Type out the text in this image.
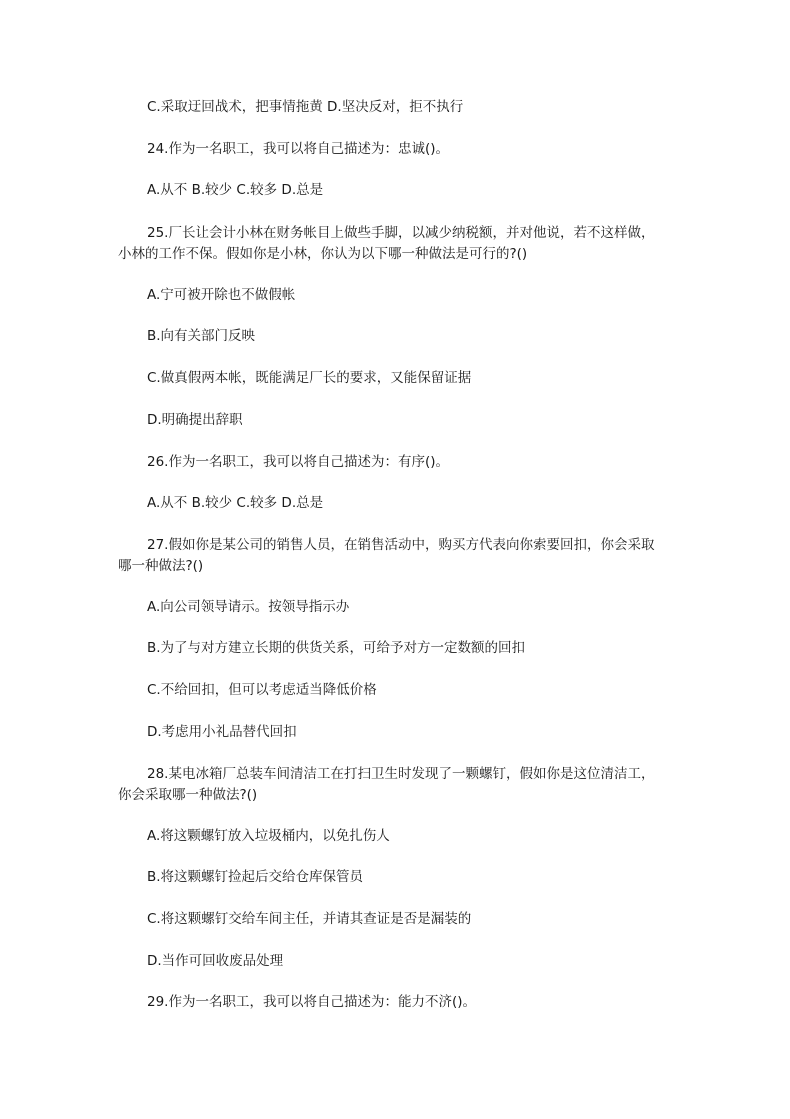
C.采取迂回战术，把事情拖黄 D.坚决反对，拒不执行
24.作为一名职工，我可以将自己描述为：忠诚()。
A.从不 B.较少 C.较多 D.总是
25.厂长让会计小林在财务帐目上做些手脚，以减少纳税额，并对他说，若不这样做，小林的工作不保。假如你是小林，你认为以下哪一种做法是可行的?()
A.宁可被开除也不做假帐
B.向有关部门反映
C.做真假两本帐，既能满足厂长的要求，又能保留证据
D.明确提出辞职
26.作为一名职工，我可以将自己描述为：有序()。
A.从不 B.较少 C.较多 D.总是
27.假如你是某公司的销售人员，在销售活动中，购买方代表向你索要回扣，你会采取哪一种做法?()
A.向公司领导请示。按领导指示办
B.为了与对方建立长期的供货关系，可给予对方一定数额的回扣
C.不给回扣，但可以考虑适当降低价格
D.考虑用小礼品替代回扣
28.某电冰箱厂总装车间清洁工在打扫卫生时发现了一颗螺钉，假如你是这位清洁工，你会采取哪一种做法?()
A.将这颗螺钉放入垃圾桶内，以免扎伤人
B.将这颗螺钉捡起后交给仓库保管员
C.将这颗螺钉交给车间主任，并请其查证是否是漏装的
D.当作可回收废品处理
29.作为一名职工，我可以将自己描述为：能力不济()。
